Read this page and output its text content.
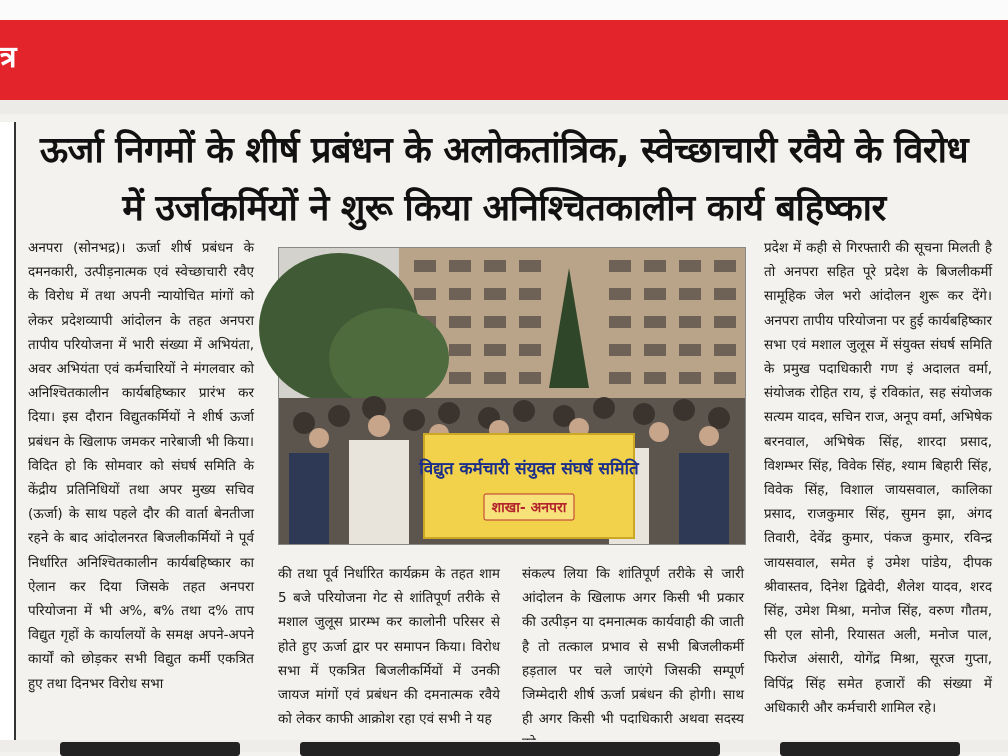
त्र
ऊर्जा निगमों के शीर्ष प्रबंधन के अलोकतांत्रिक, स्वेच्छाचारी रवैये के विरोध
में उर्जाकर्मियों ने शुरू किया अनिश्चितकालीन कार्य बहिष्कार

अनपरा (सोनभद्र)। ऊर्जा शीर्ष प्रबंधन के दमनकारी, उत्पीड़नात्मक एवं स्वेच्छाचारी रवैए के विरोध में तथा अपनी न्यायोचित मांगों को लेकर प्रदेशव्यापी आंदोलन के तहत अनपरा तापीय परियोजना में भारी संख्या में अभियंता, अवर अभियंता एवं कर्मचारियों ने मंगलवार को अनिश्चितकालीन कार्यबहिष्कार प्रारंभ कर दिया। इस दौरान विद्युतकर्मियों ने शीर्ष ऊर्जा प्रबंधन के खिलाफ जमकर नारेबाजी भी किया। विदित हो कि सोमवार को संघर्ष समिति के केंद्रीय प्रतिनिधियों तथा अपर मुख्य सचिव (ऊर्जा) के साथ पहले दौर की वार्ता बेनतीजा रहने के बाद आंदोलनरत बिजलीकर्मियों ने पूर्व निर्धारित अनिश्चितकालीन कार्यबहिष्कार का ऐलान कर दिया जिसके तहत अनपरा परियोजना में भी अ%, ब% तथा द% ताप विद्युत गृहों के कार्यालयों के समक्ष अपने-अपने कार्यों को छोड़कर सभी विद्युत कर्मी एकत्रित हुए तथा दिनभर विरोध सभा

विद्युत कर्मचारी संयुक्त संघर्ष समिति
शाखा- अनपरा

की तथा पूर्व निर्धारित कार्यक्रम के तहत शाम 5 बजे परियोजना गेट से शांतिपूर्ण तरीके से मशाल जुलूस प्रारम्भ कर कालोनी परिसर से होते हुए ऊर्जा द्वार पर समापन किया। विरोध सभा में एकत्रित बिजलीकर्मियों में उनकी जायज मांगों एवं प्रबंधन की दमनात्मक रवैये को लेकर काफी आक्रोश रहा एवं सभी ने यह

संकल्प लिया कि शांतिपूर्ण तरीके से जारी आंदोलन के खिलाफ अगर किसी भी प्रकार की उत्पीड़न या दमनात्मक कार्यवाही की जाती है तो तत्काल प्रभाव से सभी बिजलीकर्मी हड़ताल पर चले जाएंगे जिसकी सम्पूर्ण जिम्मेदारी शीर्ष ऊर्जा प्रबंधन की होगी। साथ ही अगर किसी भी पदाधिकारी अथवा सदस्य

प्रदेश में कही से गिरफ्तारी की सूचना मिलती है तो अनपरा सहित पूरे प्रदेश के बिजलीकर्मी सामूहिक जेल भरो आंदोलन शुरू कर देंगे। अनपरा तापीय परियोजना पर हुई कार्यबहिष्कार सभा एवं मशाल जुलूस में संयुक्त संघर्ष समिति के प्रमुख पदाधिकारी गण इं अदालत वर्मा, संयोजक रोहित राय, इं रविकांत, सह संयोजक सत्यम यादव, सचिन राज, अनूप वर्मा, अभिषेक बरनवाल, अभिषेक सिंह, शारदा प्रसाद, विशम्भर सिंह, विवेक सिंह, श्याम बिहारी सिंह, विवेक सिंह, विशाल जायसवाल, कालिका प्रसाद, राजकुमार सिंह, सुमन झा, अंगद तिवारी, देवेंद्र कुमार, पंकज कुमार, रविन्द्र जायसवाल, समेत इं उमेश पांडेय, दीपक श्रीवास्तव, दिनेश द्विवेदी, शैलेश यादव, शरद सिंह, उमेश मिश्रा, मनोज सिंह, वरुण गौतम, सी एल सोनी, रियासत अली, मनोज पाल, फिरोज अंसारी, योगेंद्र मिश्रा, सूरज गुप्ता, विपिंद्र सिंह समेत हजारों की संख्या में अधिकारी और कर्मचारी शामिल रहे।
